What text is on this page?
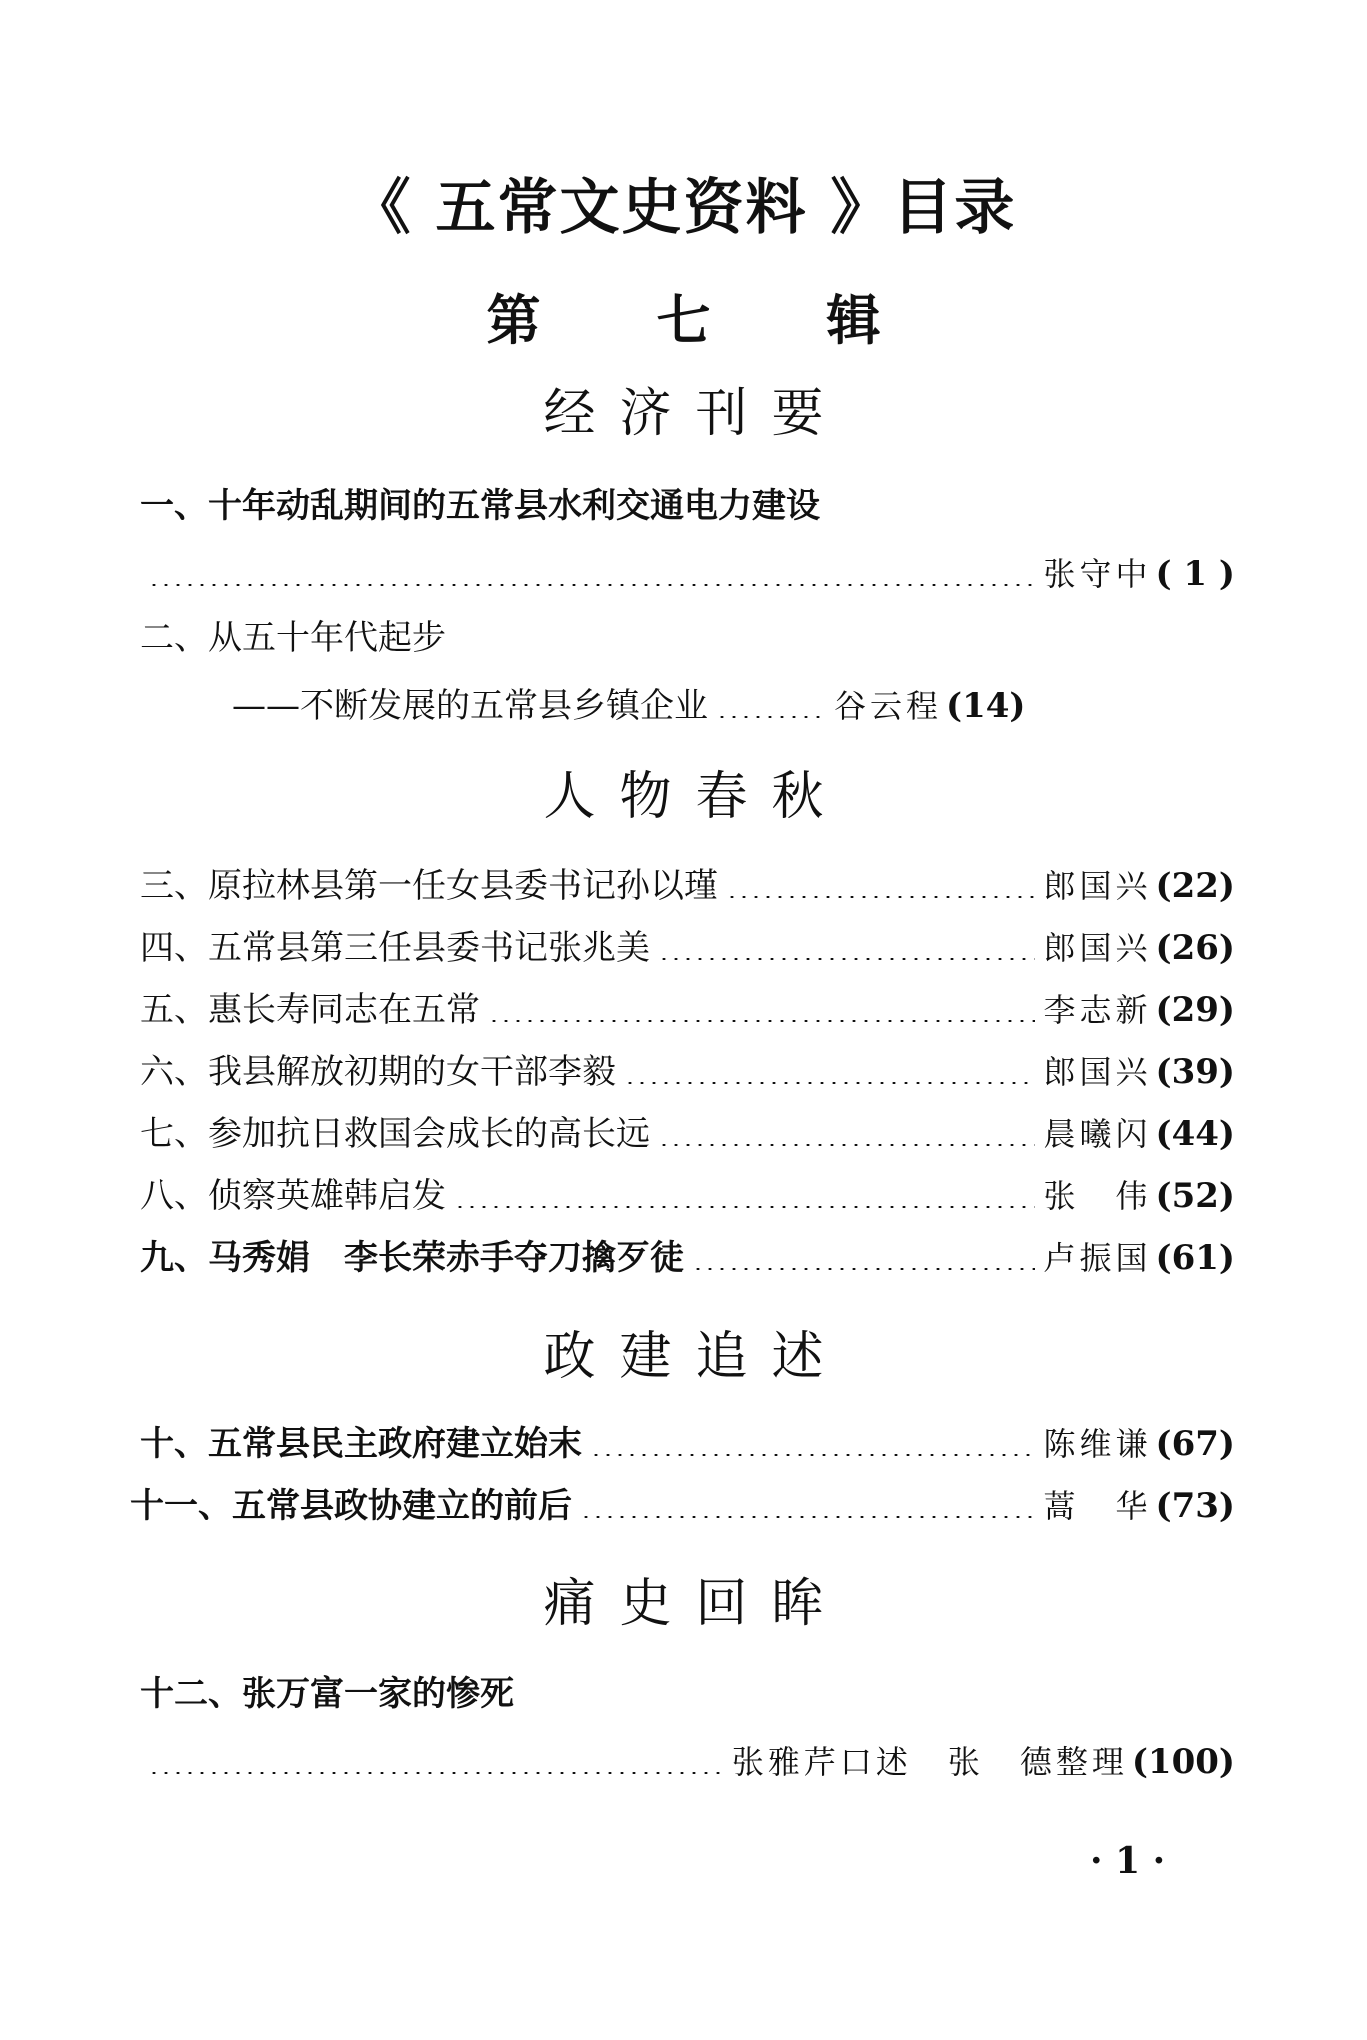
《 五常文史资料 》目录
第 七 辑
经 济 刊 要
一、十年动乱期间的五常县水利交通电力建设
张守中 ( 1 )
二、从五十年代起步
——不断发展的五常县乡镇企业	谷云程 (14)
人 物 春 秋
三、原拉林县第一任女县委书记孙以瑾	郎国兴 (22)
四、五常县第三任县委书记张兆美	郎国兴 (26)
五、惠长寿同志在五常	李志新 (29)
六、我县解放初期的女干部李毅	郎国兴 (39)
七、参加抗日救国会成长的高长远	晨曦闪 (44)
八、侦察英雄韩启发	张　伟 (52)
九、马秀娟　李长荣赤手夺刀擒歹徒	卢振国 (61)
政 建 追 述
十、五常县民主政府建立始末	陈维谦 (67)
十一、五常县政协建立的前后	蒿　华 (73)
痛 史 回 眸
十二、张万富一家的惨死
张雅芹口述　张　德整理 (100)
· 1 ·
